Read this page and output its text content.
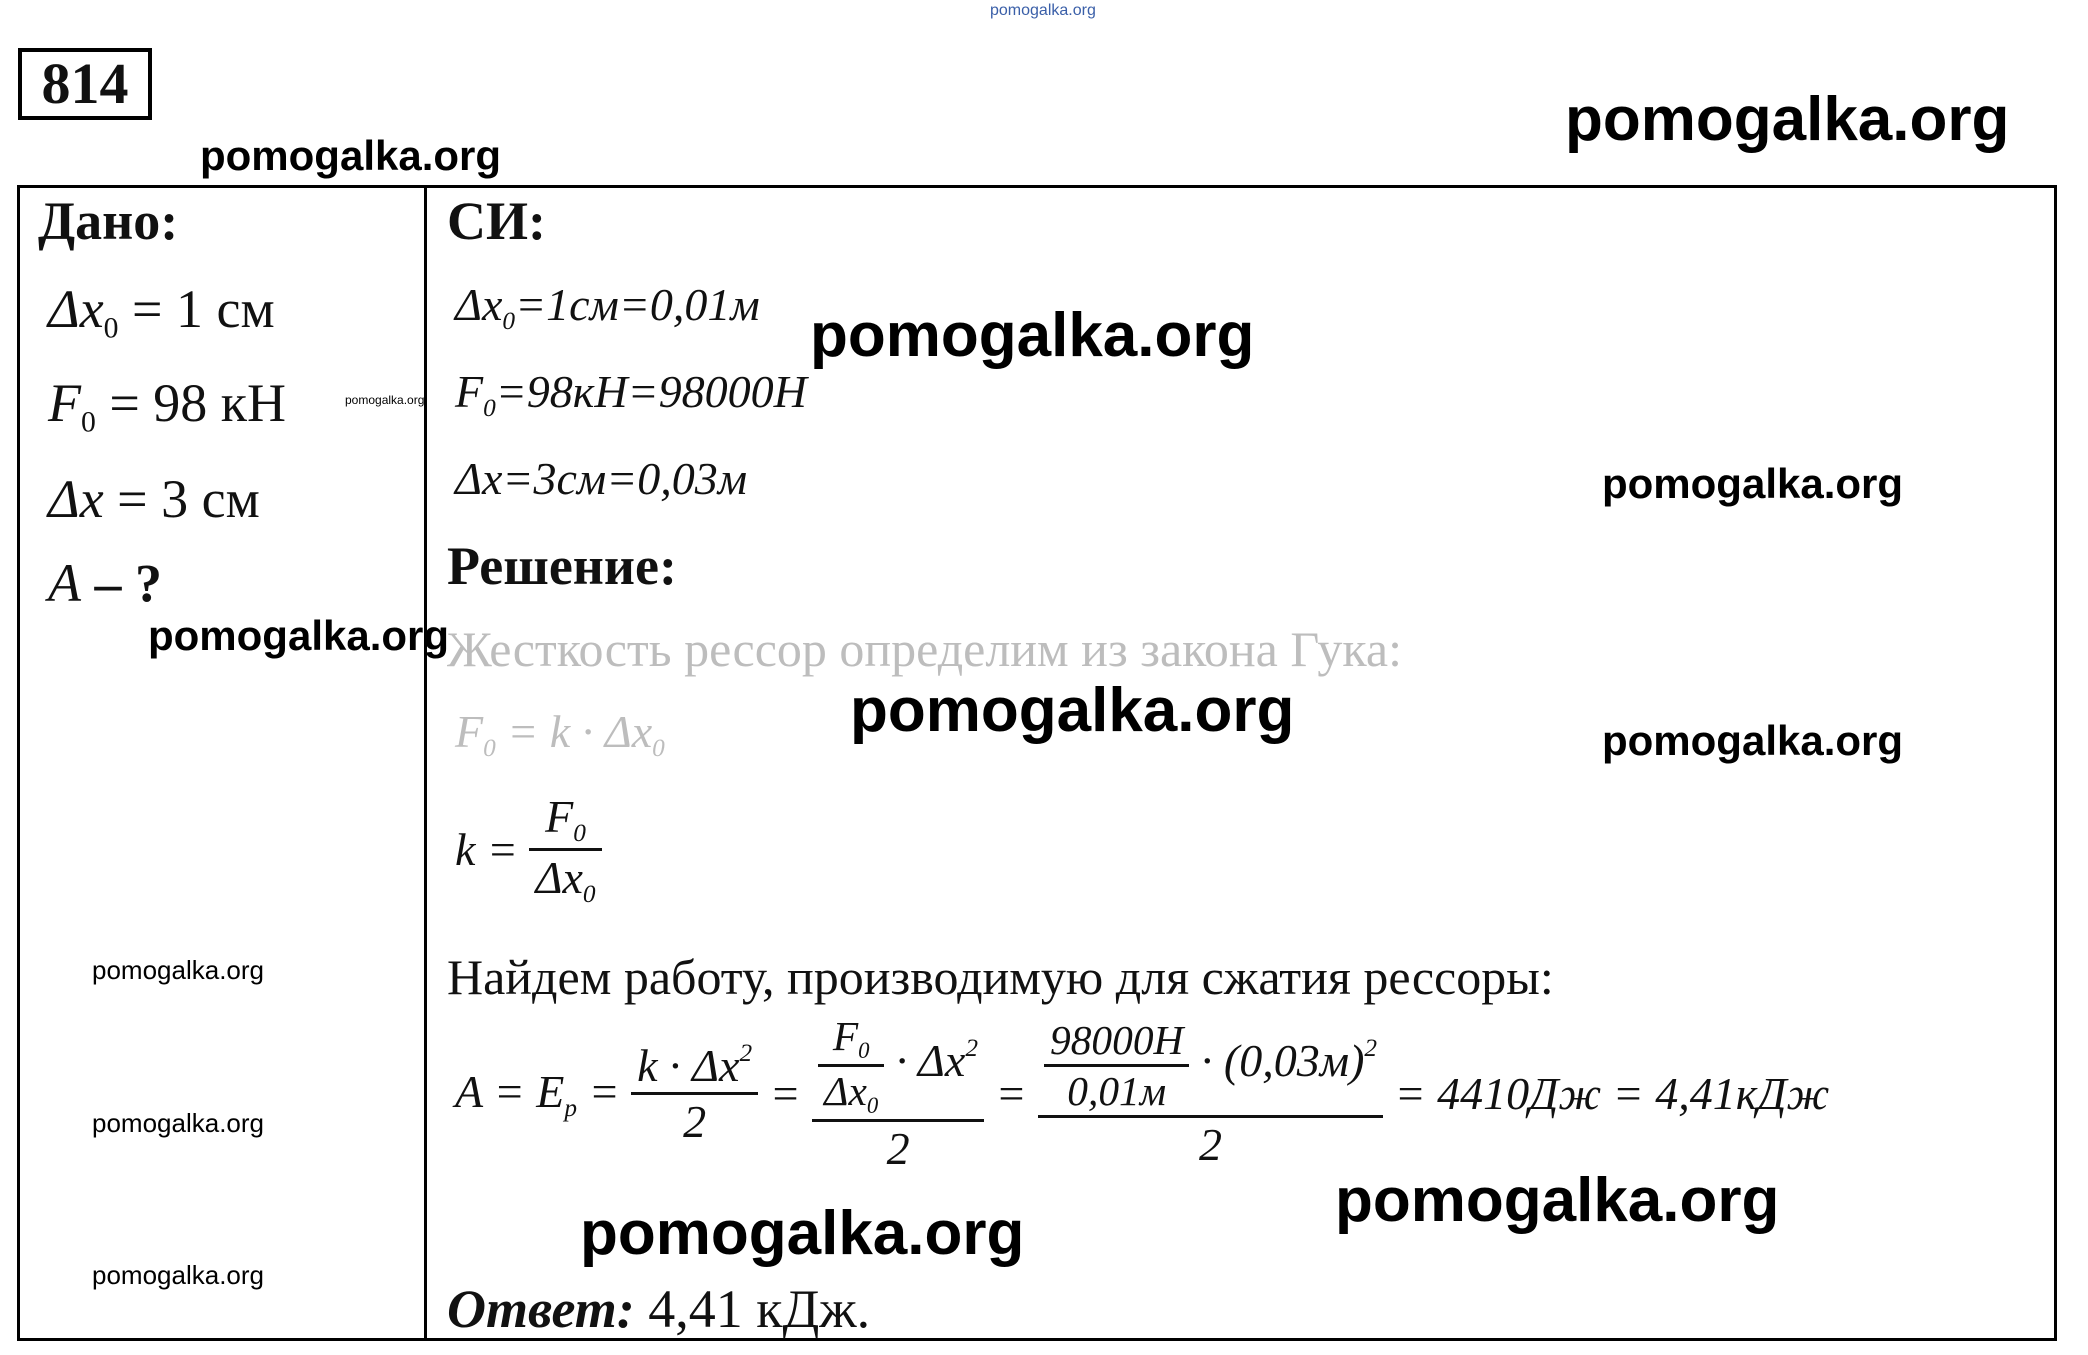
pomogalka.org
pomogalka.org
pomogalka.org
814
Дано:
$\Delta x_0 = 1$ см
$F_0 = 98$ кН	pomogalka.org
Δx = 3 см
A – ?
pomogalka.org
pomogalka.org
pomogalka.org
pomogalka.org
СИ:
$\Delta x_0=1см=0,01м$ pomogalka.org
$F_0=98кН=98000Н$
Δx=3см=0,03м	pomogalka.org
Решение:
Жесткость рессор определим из закона Гука:
pomogalka.org	pomogalka.org
$F_0 = k \cdot \Delta x_0$
$k = \frac{F_0}{\Delta x_0}$
Найдем работу, производимую для сжатия рессоры:
$A = E_p = \frac{k \cdot \Delta x^2}{2} = \frac{\frac{F_0}{\Delta x_0} \cdot \Delta x^2}{2} = \frac{\frac{98000Н}{0,01м} \cdot (0,03м)^2}{2} = 4410Дж = 4,41кДж$
pomogalka.org	pomogalka.org
Ответ: 4,41 кДж.
